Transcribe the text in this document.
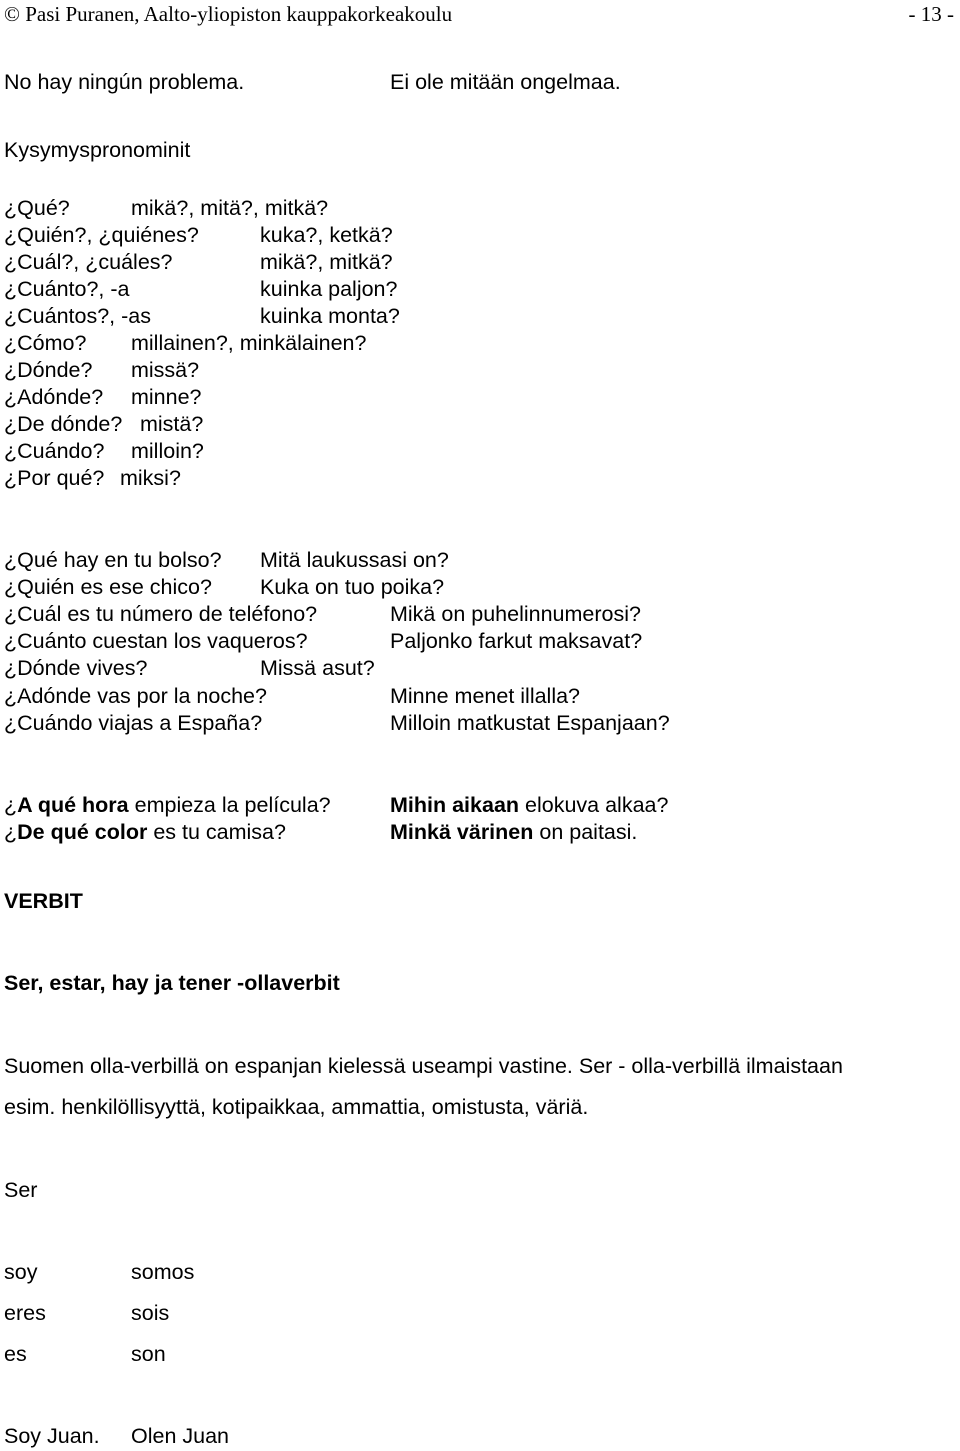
© Pasi Puranen, Aalto-yliopiston kauppakorkeakoulu	- 13 -
No hay ningún problema.	Ei ole mitään ongelmaa.
Kysymyspronominit
¿Qué?	mikä?, mitä?, mitkä?
¿Quién?, ¿quiénes?	kuka?, ketkä?
¿Cuál?, ¿cuáles?	mikä?, mitkä?
¿Cuánto?, -a	kuinka paljon?
¿Cuántos?, -as	kuinka monta?
¿Cómo? millainen?, minkälainen?
¿Dónde? missä?
¿Adónde? minne?
¿De dónde? mistä?
¿Cuándo? milloin?
¿Por qué? miksi?
¿Qué hay en tu bolso? Mitä laukussasi on?
¿Quién es ese chico? Kuka on tuo poika?
¿Cuál es tu número de teléfono?	Mikä on puhelinnumerosi?
¿Cuánto cuestan los vaqueros?	Paljonko farkut maksavat?
¿Dónde vives?	Missä asut?
¿Adónde vas por la noche?	Minne menet illalla?
¿Cuándo viajas a España?	Milloin matkustat Espanjaan?
¿A qué hora empieza la película?	Mihin aikaan elokuva alkaa?
¿De qué color es tu camisa?	Minkä värinen on paitasi.
VERBIT
Ser, estar, hay ja tener -ollaverbit
Suomen olla-verbillä on espanjan kielessä useampi vastine. Ser - olla-verbillä ilmaistaan
esim. henkilöllisyyttä, kotipaikkaa, ammattia, omistusta, väriä.
Ser
soy	somos
eres	sois
es	son
Soy Juan. Olen Juan
